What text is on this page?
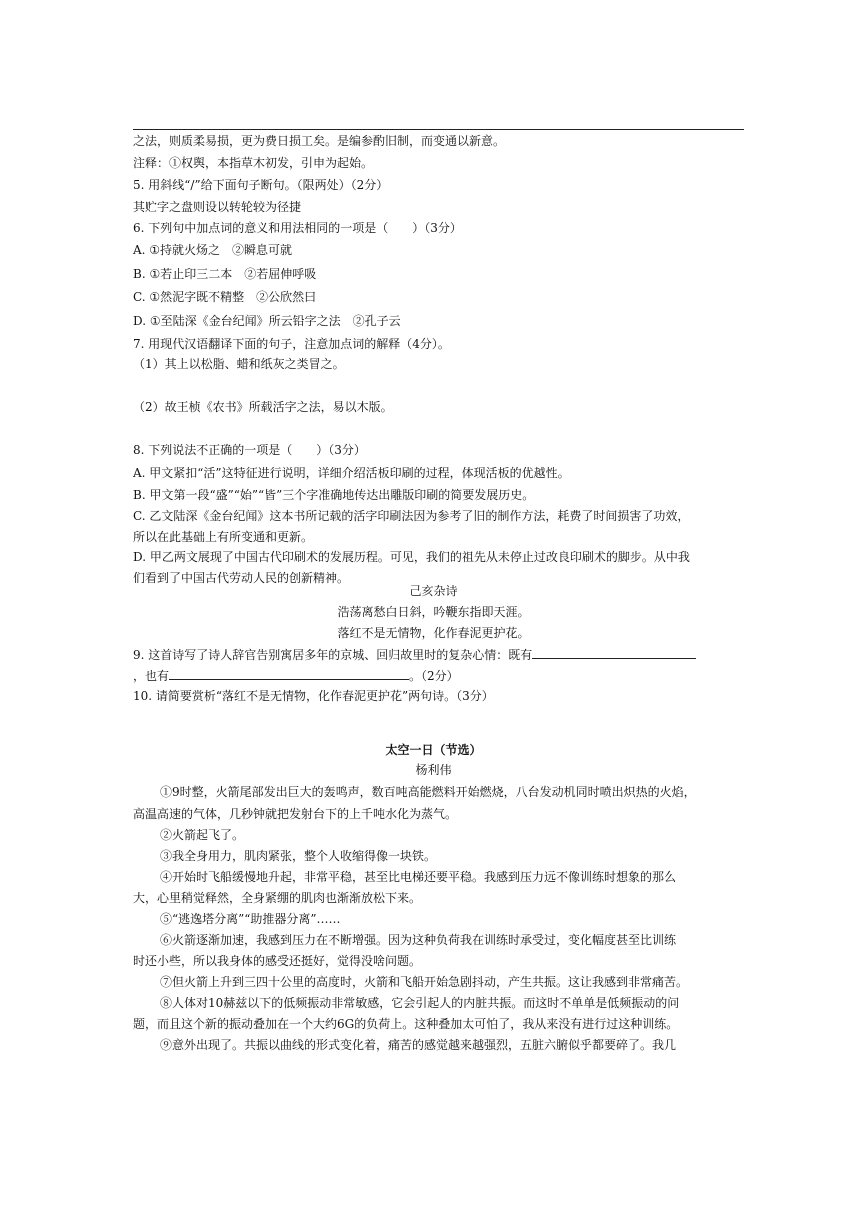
之法，则质柔易损，更为费日损工矣。是编参酌旧制，而变通以新意。
注释：①权舆，本指草木初发，引申为起始。
5. 用斜线“/”给下面句子断句。（限两处）（2分）
其贮字之盘则设以转轮较为径捷
6. 下列句中加点词的意义和用法相同的一项是（　　）（3分）
A. ①持就火炀之　②瞬息可就
B. ①若止印三二本　②若屈伸呼吸
C. ①然泥字既不精整　②公欣然曰
D. ①至陆深《金台纪闻》所云铅字之法　②孔子云
7. 用现代汉语翻译下面的句子，注意加点词的解释（4分）。
（1）其上以松脂、蜡和纸灰之类冒之。
（2）故王桢《农书》所载活字之法，易以木版。
8. 下列说法不正确的一项是（　　）（3分）
A. 甲文紧扣“活”这特征进行说明，详细介绍活板印刷的过程，体现活板的优越性。
B. 甲文第一段“盛”“始”“皆”三个字准确地传达出雕版印刷的简要发展历史。
C. 乙文陆深《金台纪闻》这本书所记载的活字印刷法因为参考了旧的制作方法，耗费了时间损害了功效，
所以在此基础上有所变通和更新。
D. 甲乙两文展现了中国古代印刷术的发展历程。可见，我们的祖先从未停止过改良印刷术的脚步。从中我
们看到了中国古代劳动人民的创新精神。
己亥杂诗
浩荡离愁白日斜，吟鞭东指即天涯。
落红不是无情物，化作春泥更护花。
9. 这首诗写了诗人辞官告别寓居多年的京城、回归故里时的复杂心情：既有
，也有	。（2分）
10. 请简要赏析“落红不是无情物，化作春泥更护花”两句诗。（3分）
太空一日（节选）
杨利伟
①9时整，火箭尾部发出巨大的轰鸣声，数百吨高能燃料开始燃烧，八台发动机同时喷出炽热的火焰，
高温高速的气体，几秒钟就把发射台下的上千吨水化为蒸气。
②火箭起飞了。
③我全身用力，肌肉紧张，整个人收缩得像一块铁。
④开始时飞船缓慢地升起，非常平稳，甚至比电梯还要平稳。我感到压力远不像训练时想象的那么
大，心里稍觉释然，全身紧绷的肌肉也渐渐放松下来。
⑤“逃逸塔分离”“助推器分离”……
⑥火箭逐渐加速，我感到压力在不断增强。因为这种负荷我在训练时承受过，变化幅度甚至比训练
时还小些，所以我身体的感受还挺好，觉得没啥问题。
⑦但火箭上升到三四十公里的高度时，火箭和飞船开始急剧抖动，产生共振。这让我感到非常痛苦。
⑧人体对10赫兹以下的低频振动非常敏感，它会引起人的内脏共振。而这时不单单是低频振动的问
题，而且这个新的振动叠加在一个大约6G的负荷上。这种叠加太可怕了，我从来没有进行过这种训练。
⑨意外出现了。共振以曲线的形式变化着，痛苦的感觉越来越强烈，五脏六腑似乎都要碎了。我几
